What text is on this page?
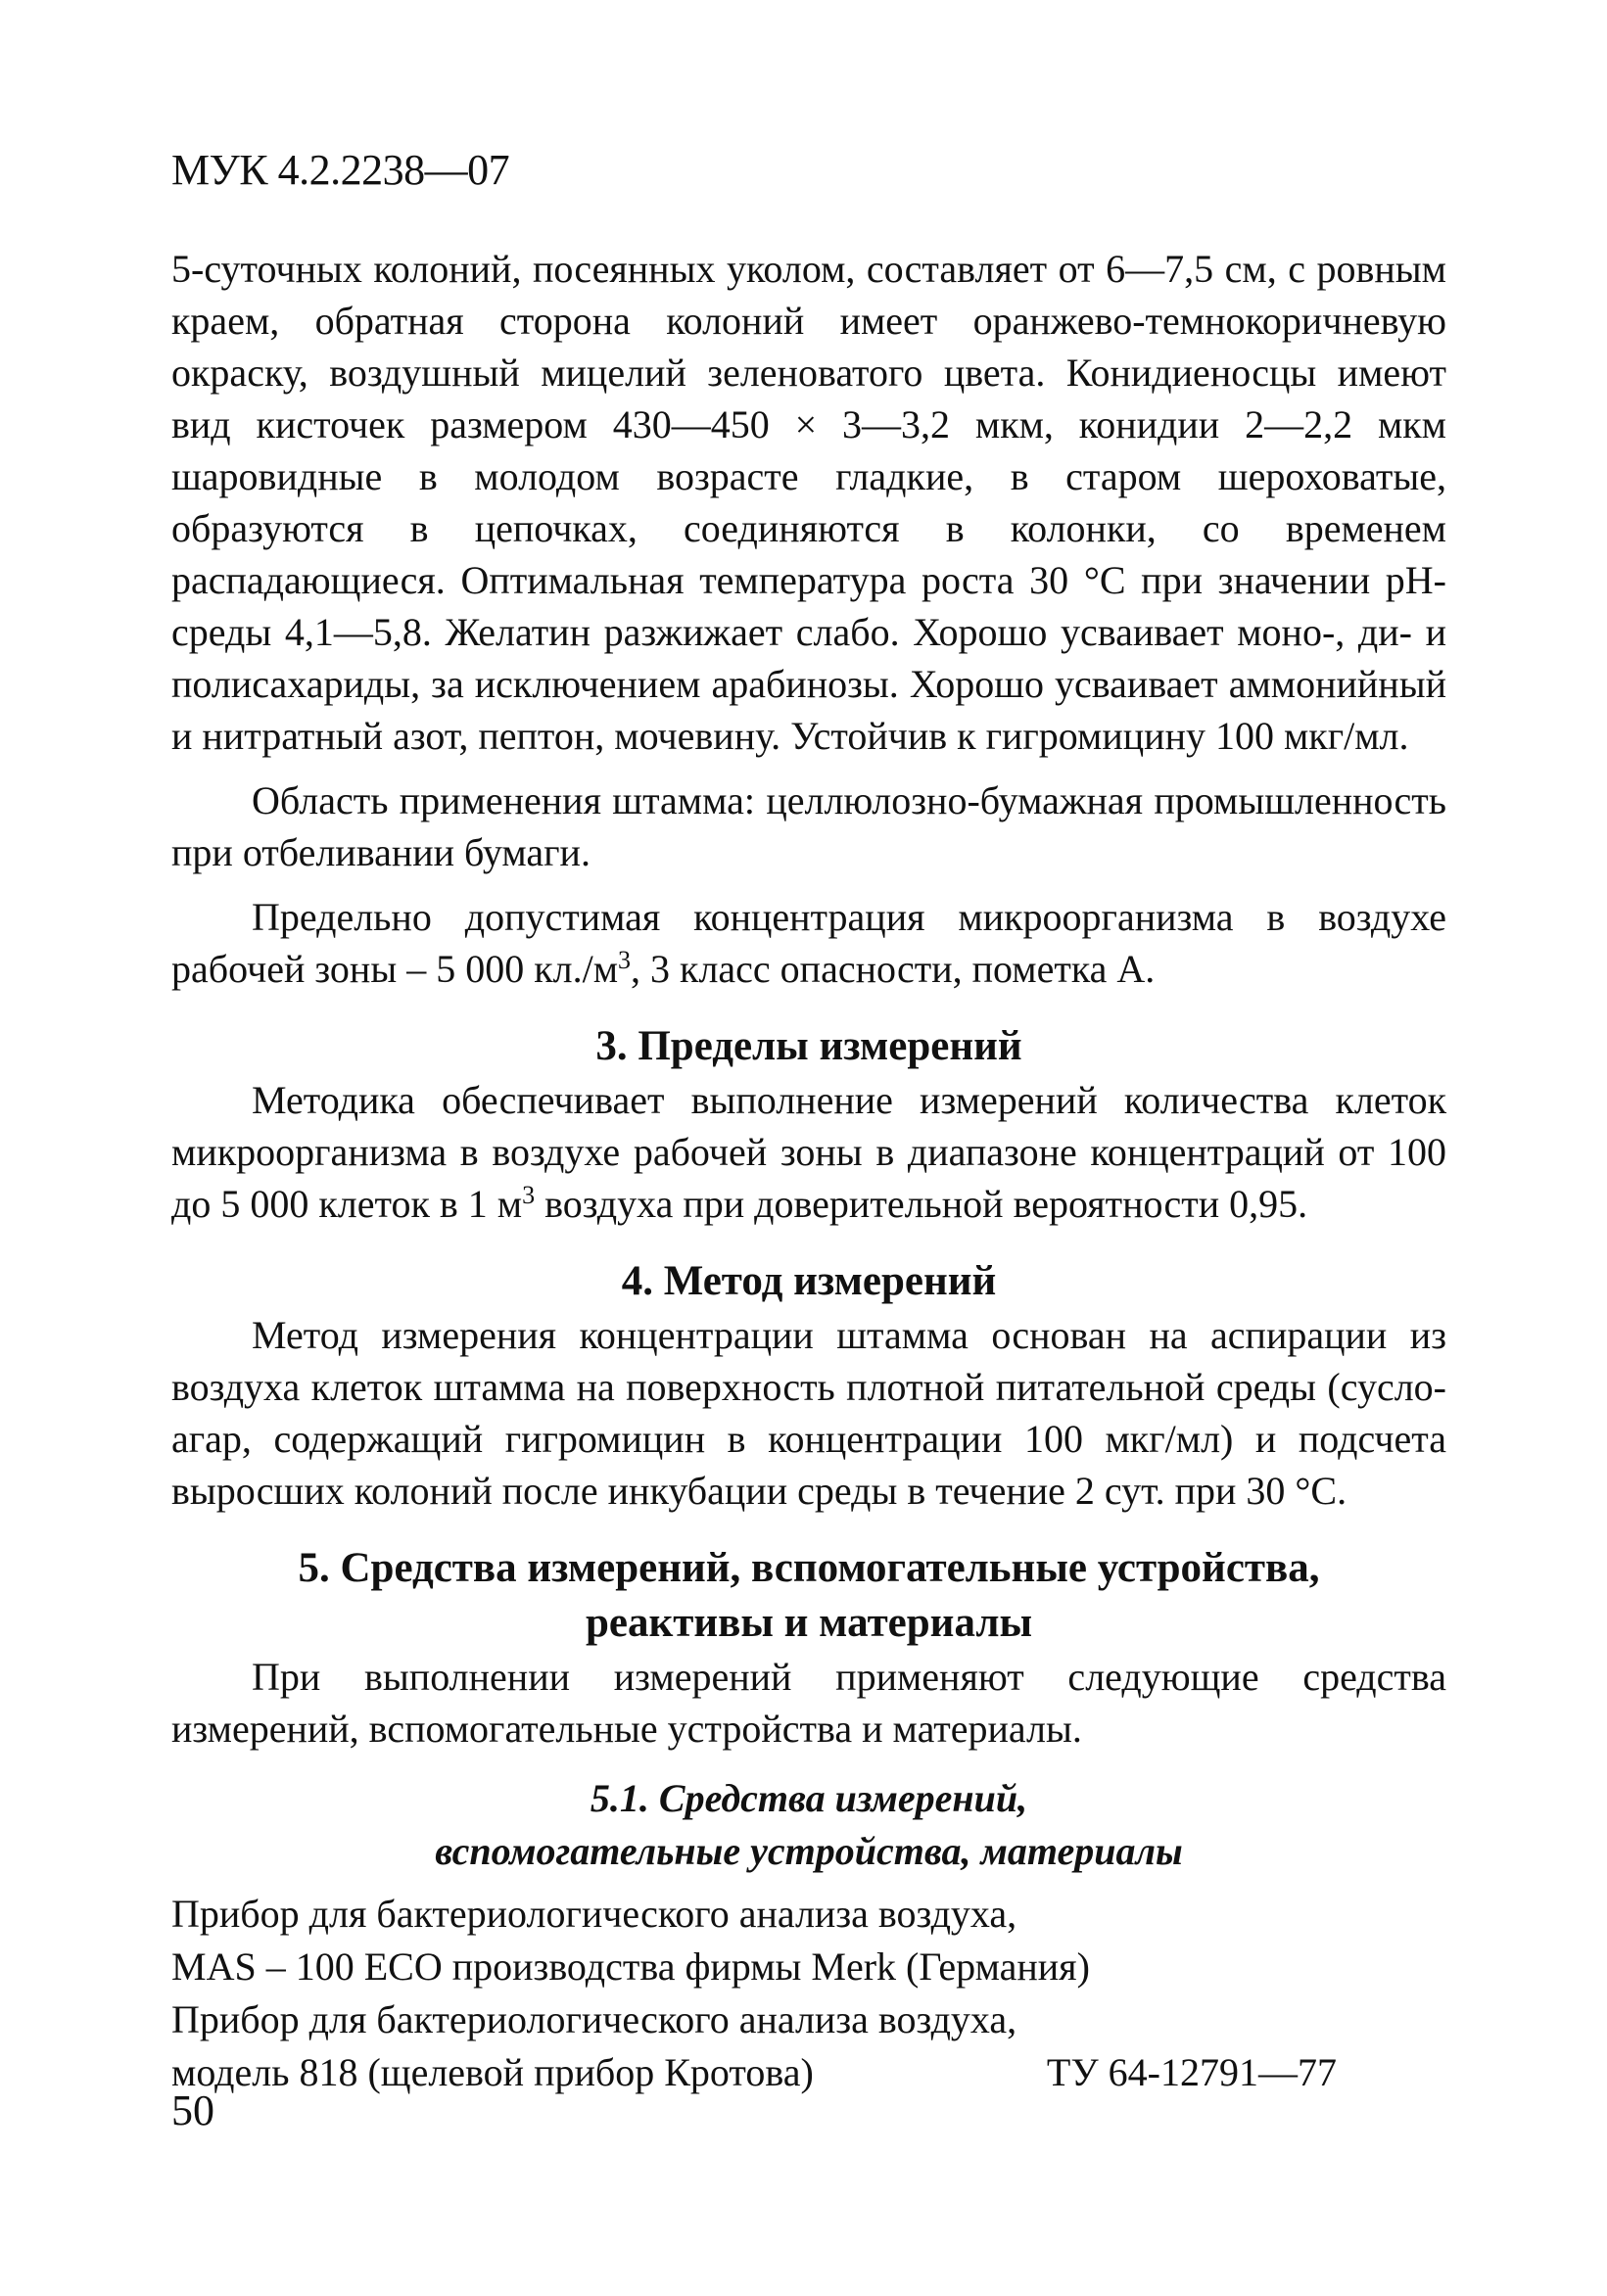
МУК 4.2.2238—07

5-суточных колоний, посеянных уколом, составляет от 6—7,5 см, с ровным краем, обратная сторона колоний имеет оранжево-темнокоричневую окраску, воздушный мицелий зеленоватого цвета. Конидиеносцы имеют вид кисточек размером 430—450 × 3—3,2 мкм, конидии 2—2,2 мкм шаровидные в молодом возрасте гладкие, в старом шероховатые, образуются в цепочках, соединяются в колонки, со временем распадающиеся. Оптимальная температура роста 30 °С при значении рН-среды 4,1—5,8. Желатин разжижает слабо. Хорошо усваивает моно-, ди- и полисахариды, за исключением арабинозы. Хорошо усваивает аммонийный и нитратный азот, пептон, мочевину. Устойчив к гигромицину 100 мкг/мл.

Область применения штамма: целлюлозно-бумажная промышленность при отбеливании бумаги.

Предельно допустимая концентрация микроорганизма в воздухе рабочей зоны – 5 000 $кл./м^3$, 3 класс опасности, пометка А.

3. Пределы измерений

Методика обеспечивает выполнение измерений количества клеток микроорганизма в воздухе рабочей зоны в диапазоне концентраций от 100 до 5 000 клеток в 1 $м^3$ воздуха при доверительной вероятности 0,95.

4. Метод измерений

Метод измерения концентрации штамма основан на аспирации из воздуха клеток штамма на поверхность плотной питательной среды (сусло-агар, содержащий гигромицин в концентрации 100 мкг/мл) и подсчета выросших колоний после инкубации среды в течение 2 сут. при 30 °С.

5. Средства измерений, вспомогательные устройства,
реактивы и материалы

При выполнении измерений применяют следующие средства измерений, вспомогательные устройства и материалы.

5.1. Средства измерений,
вспомогательные устройства, материалы

Прибор для бактериологического анализа воздуха,

MAS – 100 ECO производства фирмы Merk (Германия)

Прибор для бактериологического анализа воздуха,

модель 818 (щелевой прибор Кротова)	ТУ 64-12791—77
50
